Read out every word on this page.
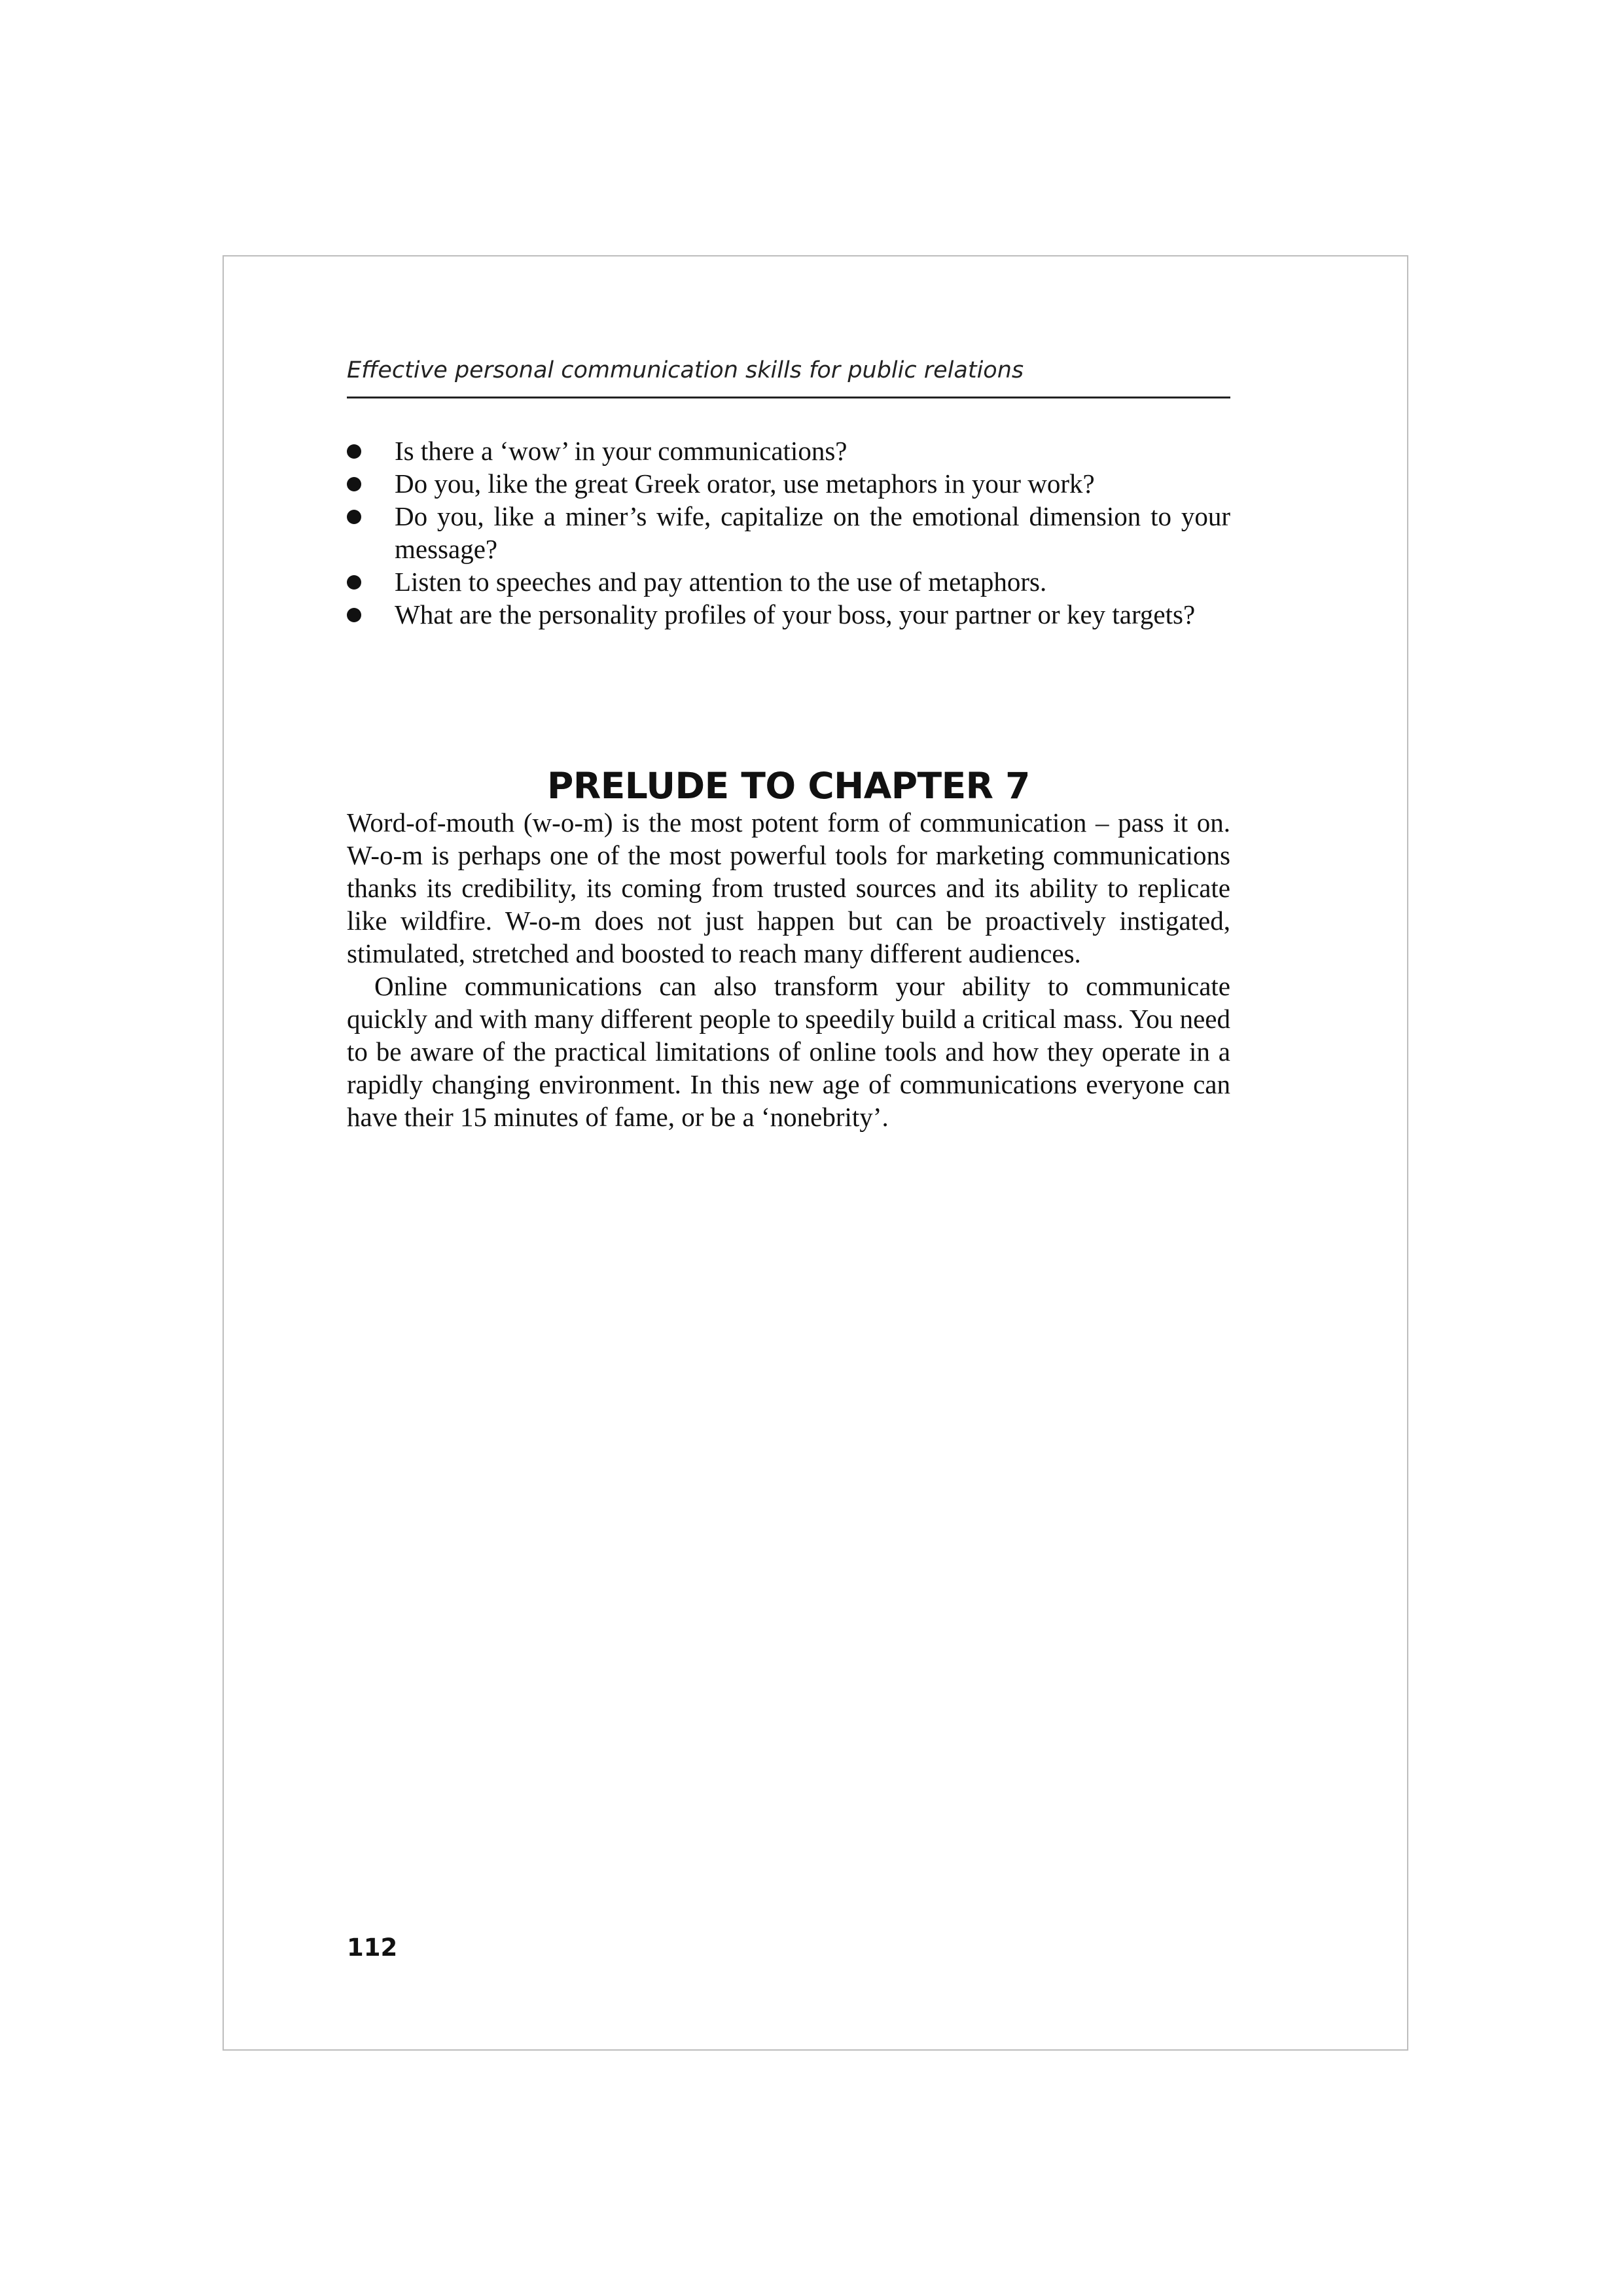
Effective personal communication skills for public relations
Is there a ‘wow’ in your communications?
Do you, like the great Greek orator, use metaphors in your work?
Do you, like a miner’s wife, capitalize on the emotional dimension to your message?
Listen to speeches and pay attention to the use of metaphors.
What are the personality profiles of your boss, your partner or key targets?
PRELUDE TO CHAPTER 7

Word-of-mouth (w-o-m) is the most potent form of communication – pass it on. W-o-m is perhaps one of the most powerful tools for marketing communications thanks its credibility, its coming from trusted sources and its ability to replicate like wildfire. W-o-m does not just happen but can be proactively instigated, stimulated, stretched and boosted to reach many different audiences.

Online communications can also transform your ability to communicate quickly and with many different people to speedily build a critical mass. You need to be aware of the practical limitations of online tools and how they operate in a rapidly changing environment. In this new age of communications everyone can have their 15 minutes of fame, or be a ‘nonebrity’.

112
